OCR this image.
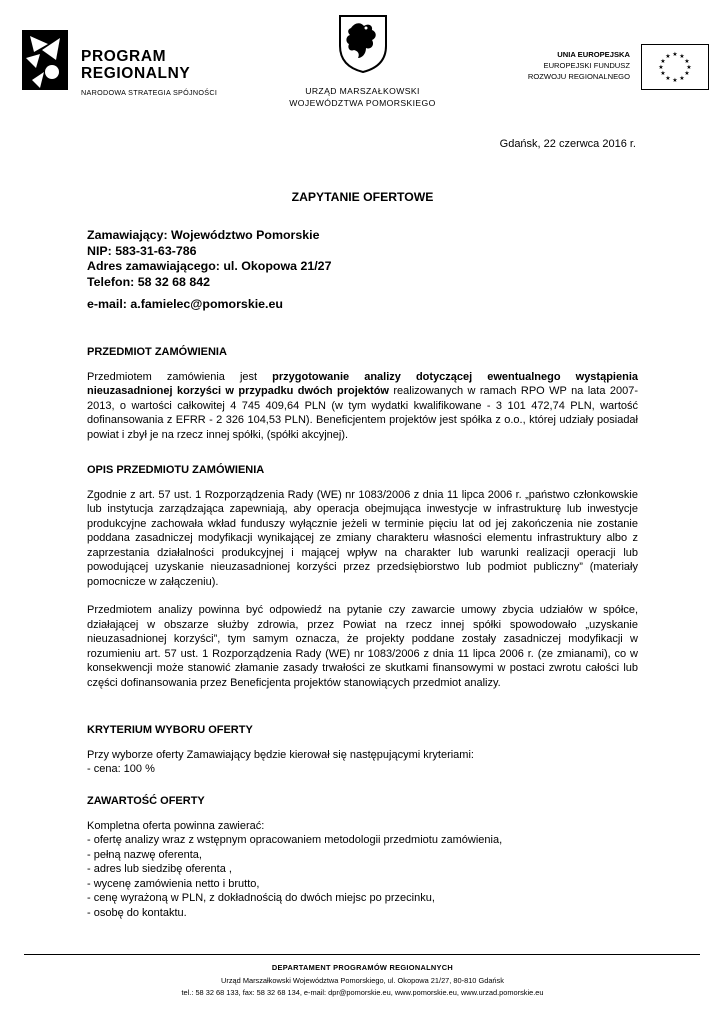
PROGRAM
REGIONALNY
NARODOWA STRATEGIA SPÓJNOŚCI	URZĄD MARSZAŁKOWSKI
WOJEWÓDZTWA POMORSKIEGO
UNIA EUROPEJSKA
EUROPEJSKI FUNDUSZ
ROZWOJU REGIONALNEGO
★ ★
★
★
★
★
★
★
★
★
★
★
Gdańsk, 22 czerwca 2016 r.
ZAPYTANIE OFERTOWE
Zamawiający: Województwo Pomorskie
NIP: 583-31-63-786
Adres zamawiającego: ul. Okopowa 21/27
Telefon: 58 32 68 842
e-mail: a.famielec@pomorskie.eu
PRZEDMIOT ZAMÓWIENIA

Przedmiotem zamówienia jest przygotowanie analizy dotyczącej ewentualnego wystąpienia nieuzasadnionej korzyści w przypadku dwóch projektów realizowanych w ramach RPO WP na lata 2007-2013, o wartości całkowitej 4 745 409,64 PLN (w tym wydatki kwalifikowane - 3 101 472,74 PLN, wartość dofinansowania z EFRR - 2 326 104,53 PLN). Beneficjentem projektów jest spółka z o.o., której udziały posiadał powiat i zbył je na rzecz innej spółki, (spółki akcyjnej).

OPIS PRZEDMIOTU ZAMÓWIENIA

Zgodnie z art. 57 ust. 1 Rozporządzenia Rady (WE) nr 1083/2006 z dnia 11 lipca 2006 r. „państwo członkowskie lub instytucja zarządzająca zapewniają, aby operacja obejmująca inwestycje w infrastrukturę lub inwestycje produkcyjne zachowała wkład funduszy wyłącznie jeżeli w terminie pięciu lat od jej zakończenia nie zostanie poddana zasadniczej modyfikacji wynikającej ze zmiany charakteru własności elementu infrastruktury albo z zaprzestania działalności produkcyjnej i mającej wpływ na charakter lub warunki realizacji operacji lub powodującej uzyskanie nieuzasadnionej korzyści przez przedsiębiorstwo lub podmiot publiczny” (materiały pomocnicze w załączeniu).

Przedmiotem analizy powinna być odpowiedź na pytanie czy zawarcie umowy zbycia udziałów w spółce, działającej w obszarze służby zdrowia, przez Powiat na rzecz innej spółki spowodowało „uzyskanie nieuzasadnionej korzyści”, tym samym oznacza, że projekty poddane zostały zasadniczej modyfikacji w rozumieniu art. 57 ust. 1 Rozporządzenia Rady (WE) nr 1083/2006 z dnia 11 lipca 2006 r. (ze zmianami), co w konsekwencji może stanowić złamanie zasady trwałości ze skutkami finansowymi w postaci zwrotu całości lub części dofinansowania przez Beneficjenta projektów stanowiących przedmiot analizy.

KRYTERIUM WYBORU OFERTY
Przy wyborze oferty Zamawiający będzie kierował się następującymi kryteriami:
- cena: 100 %
ZAWARTOŚĆ OFERTY
Kompletna oferta powinna zawierać:
- ofertę analizy wraz z wstępnym opracowaniem metodologii przedmiotu zamówienia,
- pełną nazwę oferenta,
- adres lub siedzibę oferenta ,
- wycenę zamówienia netto i brutto,
- cenę wyrażoną w PLN, z dokładnością do dwóch miejsc po przecinku,
- osobę do kontaktu.
DEPARTAMENT PROGRAMÓW REGIONALNYCH
Urząd Marszałkowski Województwa Pomorskiego, ul. Okopowa 21/27, 80-810 Gdańsk
tel.: 58 32 68 133, fax: 58 32 68 134, e-mail: dpr@pomorskie.eu, www.pomorskie.eu, www.urzad.pomorskie.eu
